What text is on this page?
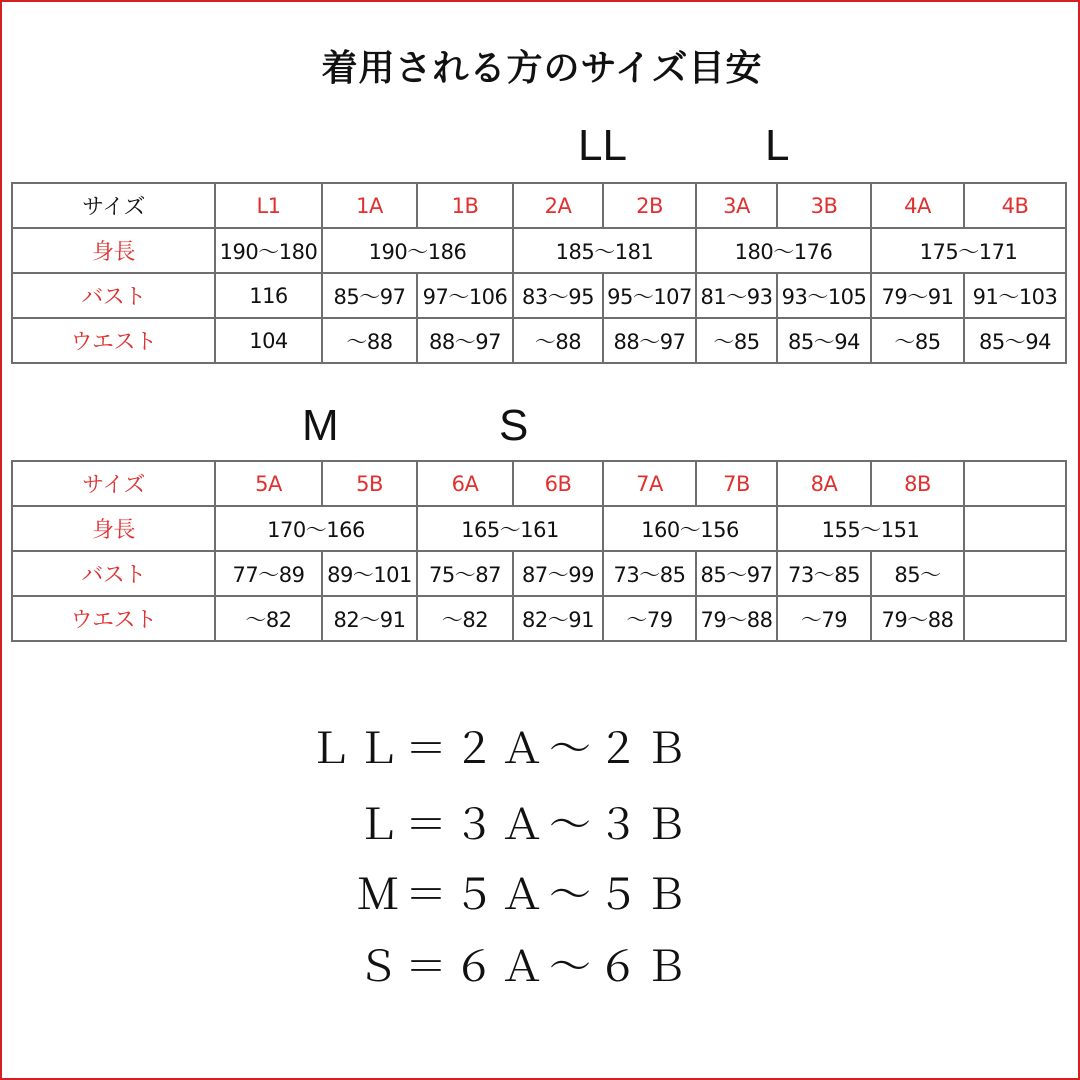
着用される方のサイズ目安
LL	L
サイズ	L1	1A	1B	2A	2B	3A	3B	4A	4B
身長	190〜180	190〜186		185〜181		180〜176		175〜171	
バスト	116	85〜97	97〜106	83〜95	95〜107	81〜93	93〜105	79〜91	91〜103
ウエスト	104	〜88	88〜97	〜88	88〜97	〜85	85〜94	〜85	85〜94
M	S
サイズ	5A	5B	6A	6B	7A	7B	8A	8B	
身長	170〜166		165〜161		160〜156		155〜151		
バスト	77〜89	89〜101	75〜87	87〜99	73〜85	85〜97	73〜85	85〜	
ウエスト	〜82	82〜91	〜82	82〜91	〜79	79〜88	〜79	79〜88	
ＬＬ＝２Ａ〜２Ｂ
Ｌ＝３Ａ〜３Ｂ
Ｍ＝５Ａ〜５Ｂ
Ｓ＝６Ａ〜６Ｂ
